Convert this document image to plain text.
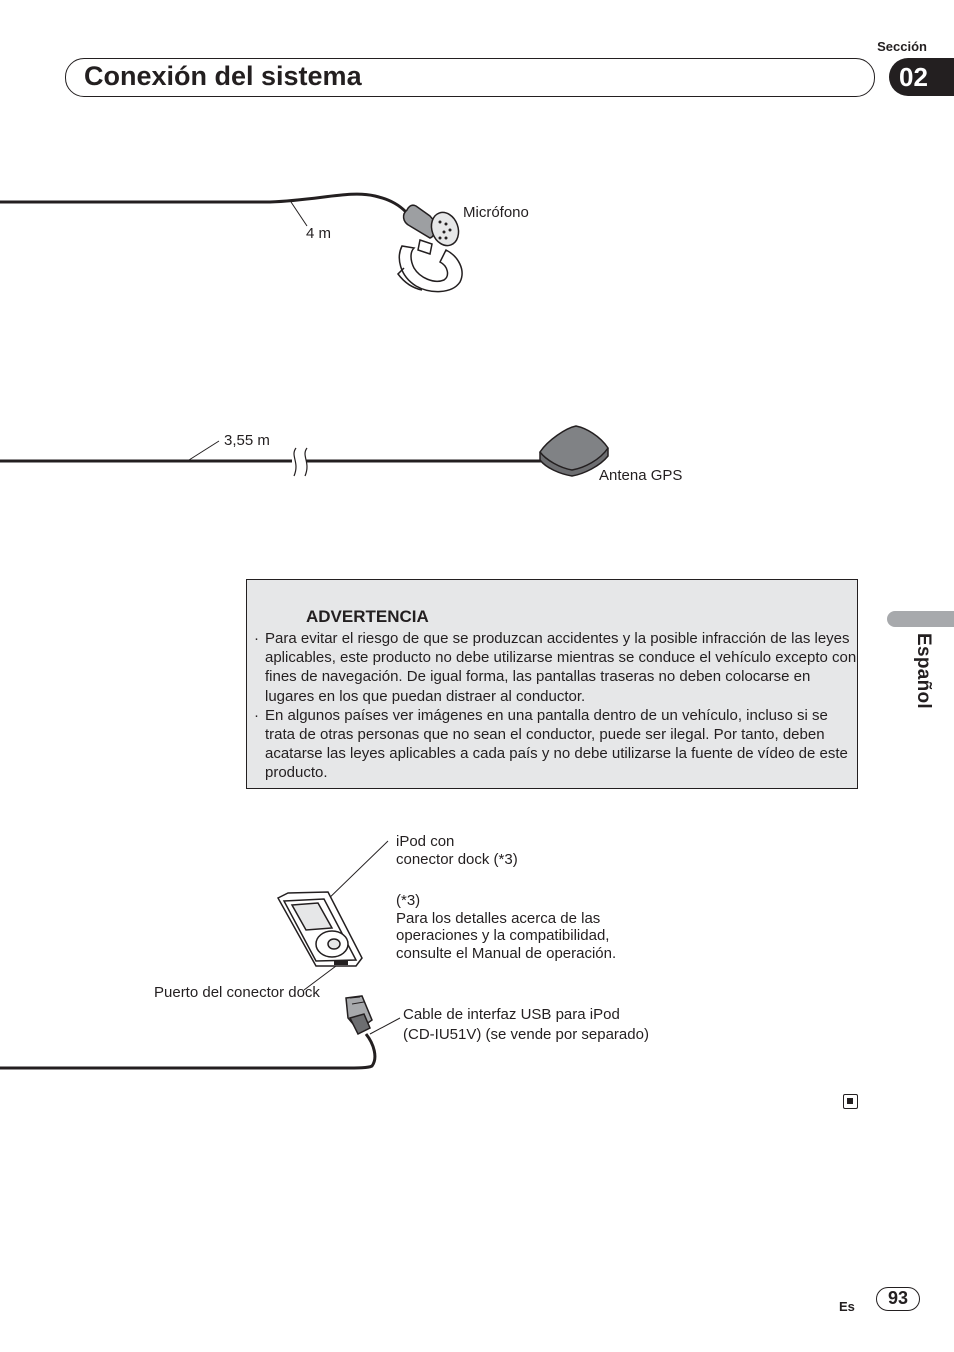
Sección
Conexión del sistema	02
Español
4 m
Micrófono
3,55 m
Antena GPS
ADVERTENCIA
· Para evitar el riesgo de que se produzcan accidentes y la posible infracción de las leyes aplicables, este producto no debe utilizarse mientras se conduce el vehículo excepto con fines de navegación. De igual forma, las pantallas traseras no deben colocarse en lugares en los que puedan distraer al conductor.
· En algunos países ver imágenes en una pantalla dentro de un vehículo, incluso si se trata de otras personas que no sean el conductor, puede ser ilegal. Por tanto, deben acatarse las leyes aplicables a cada país y no debe utilizarse la fuente de vídeo de este producto.
iPod con
conector dock (*3)
(*3)
Para los detalles acerca de las
operaciones y la compatibilidad,
consulte el Manual de operación.
Puerto del conector dock
Cable de interfaz USB para iPod
(CD-IU51V) (se vende por separado)
Es	93
